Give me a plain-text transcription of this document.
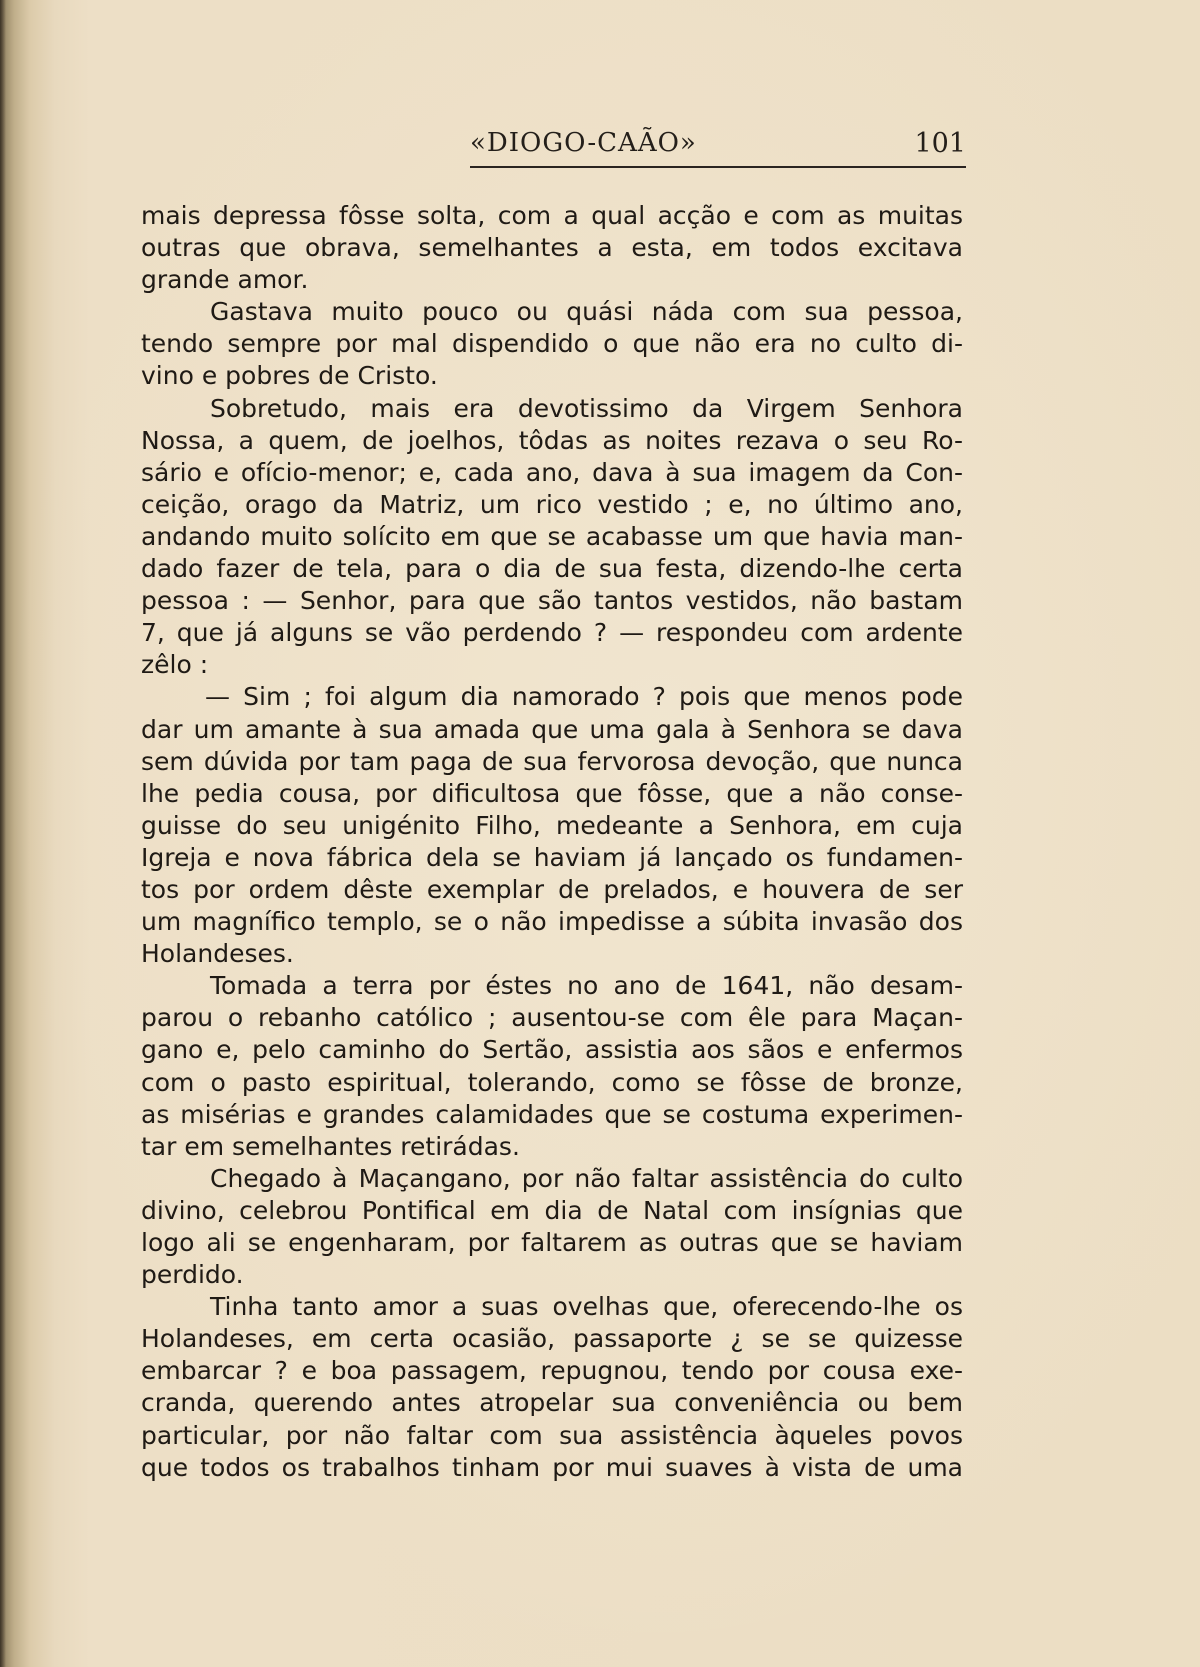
«DIOGO-CAÃO»	101
mais depressa fôsse solta, com a qual acção e com as muitas
outras que obrava, semelhantes a esta, em todos excitava
grande amor.
Gastava muito pouco ou quási náda com sua pessoa,
tendo sempre por mal dispendido o que não era no culto di-
vino e pobres de Cristo.
Sobretudo, mais era devotissimo da Virgem Senhora
Nossa, a quem, de joelhos, tôdas as noites rezava o seu Ro-
sário e ofício-menor; e, cada ano, dava à sua imagem da Con-
ceição, orago da Matriz, um rico vestido ; e, no último ano,
andando muito solícito em que se acabasse um que havia man-
dado fazer de tela, para o dia de sua festa, dizendo-lhe certa
pessoa : — Senhor, para que são tantos vestidos, não bastam
7, que já alguns se vão perdendo ? — respondeu com ardente
zêlo :
— Sim ; foi algum dia namorado ? pois que menos pode
dar um amante à sua amada que uma gala à Senhora se dava
sem dúvida por tam paga de sua fervorosa devoção, que nunca
lhe pedia cousa, por dificultosa que fôsse, que a não conse-
guisse do seu unigénito Filho, medeante a Senhora, em cuja
Igreja e nova fábrica dela se haviam já lançado os fundamen-
tos por ordem dêste exemplar de prelados, e houvera de ser
um magnífico templo, se o não impedisse a súbita invasão dos
Holandeses.
Tomada a terra por éstes no ano de 1641, não desam-
parou o rebanho católico ; ausentou-se com êle para Maçan-
gano e, pelo caminho do Sertão, assistia aos sãos e enfermos
com o pasto espiritual, tolerando, como se fôsse de bronze,
as misérias e grandes calamidades que se costuma experimen-
tar em semelhantes retirádas.
Chegado à Maçangano, por não faltar assistência do culto
divino, celebrou Pontifical em dia de Natal com insígnias que
logo ali se engenharam, por faltarem as outras que se haviam
perdido.
Tinha tanto amor a suas ovelhas que, oferecendo-lhe os
Holandeses, em certa ocasião, passaporte ¿ se se quizesse
embarcar ? e boa passagem, repugnou, tendo por cousa exe-
cranda, querendo antes atropelar sua conveniência ou bem
particular, por não faltar com sua assistência àqueles povos
que todos os trabalhos tinham por mui suaves à vista de uma
